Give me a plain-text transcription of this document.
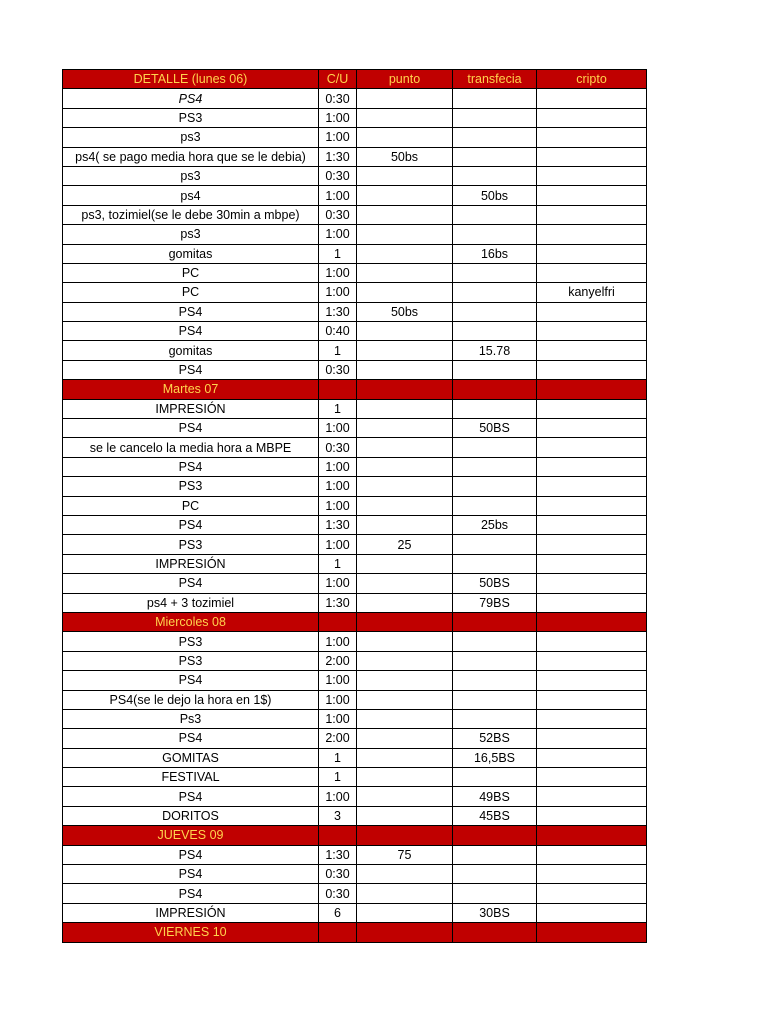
DETALLE (lunes 06)	C/U	punto	transfecia	cripto
PS4	0:30			
PS3	1:00			
ps3	1:00			
ps4( se pago media hora que se le debia)	1:30	50bs		
ps3	0:30			
ps4	1:00		50bs	
ps3, tozimiel(se le debe 30min a mbpe)	0:30			
ps3	1:00			
gomitas	1		16bs	
PC	1:00			
PC	1:00			kanyelfri
PS4	1:30	50bs		
PS4	0:40			
gomitas	1		15.78	
PS4	0:30			
Martes 07				
IMPRESIÓN	1			
PS4	1:00		50BS	
se le cancelo la media hora a MBPE	0:30			
PS4	1:00			
PS3	1:00			
PC	1:00			
PS4	1:30		25bs	
PS3	1:00	25		
IMPRESIÓN	1			
PS4	1:00		50BS	
ps4 + 3 tozimiel	1:30		79BS	
Miercoles 08				
PS3	1:00			
PS3	2:00			
PS4	1:00			
PS4(se le dejo la hora en 1$)	1:00			
Ps3	1:00			
PS4	2:00		52BS	
GOMITAS	1		16,5BS	
FESTIVAL	1			
PS4	1:00		49BS	
DORITOS	3		45BS	
JUEVES 09				
PS4	1:30	75		
PS4	0:30			
PS4	0:30			
IMPRESIÓN	6		30BS	
VIERNES 10				
